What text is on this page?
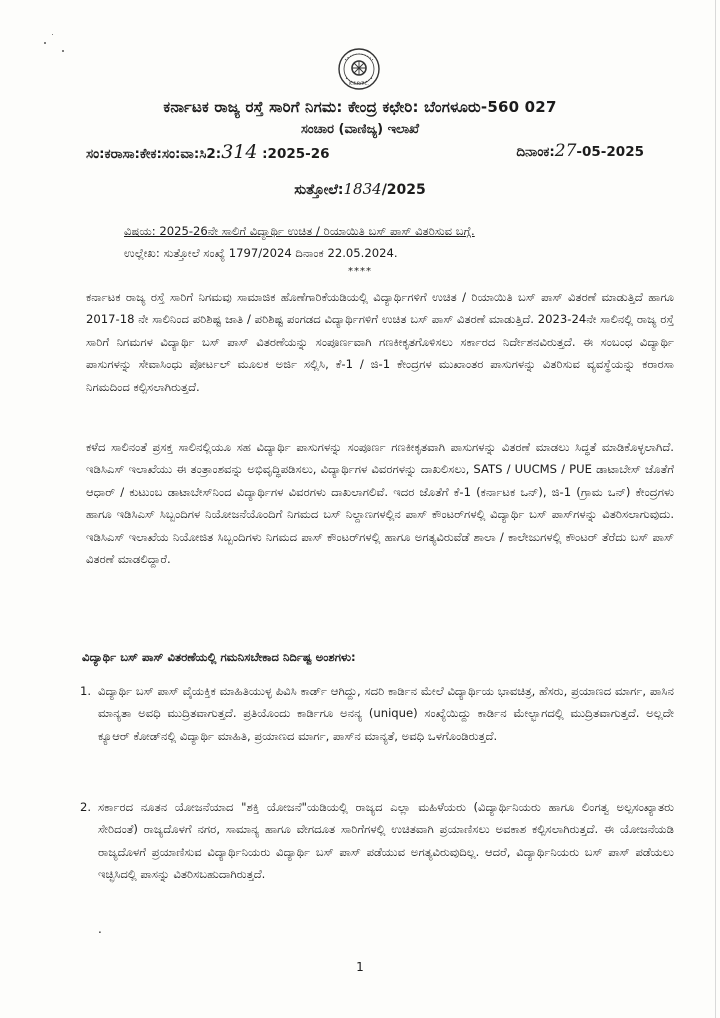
K.S.R.T.C.
ಕರ್ನಾಟಕ ರಾಜ್ಯ ರಸ್ತೆ ಸಾರಿಗೆ ನಿಗಮ: ಕೇಂದ್ರ ಕಛೇರಿ: ಬೆಂಗಳೂರು-560 027
ಸಂಚಾರ (ವಾಣಿಜ್ಯ) ಇಲಾಖೆ
ಸಂ:ಕರಾಸಾ:ಕೇಕ:ಸಂ:ವಾ:ಸಿ2:314 :2025-26	ದಿನಾಂಕ:27-05-2025
ಸುತ್ತೋಲೆ:1834/2025
ವಿಷಯ: 2025-26ನೇ ಸಾಲಿಗೆ ವಿದ್ಯಾರ್ಥಿ ಉಚಿತ / ರಿಯಾಯಿತಿ ಬಸ್ ಪಾಸ್ ವಿತರಿಸುವ ಬಗ್ಗೆ.
ಉಲ್ಲೇಖ: ಸುತ್ತೋಲೆ ಸಂಖ್ಯೆ 1797/2024 ದಿನಾಂಕ 22.05.2024.
****
ಕರ್ನಾಟಕ ರಾಜ್ಯ ರಸ್ತೆ ಸಾರಿಗೆ ನಿಗಮವು ಸಾಮಾಜಿಕ ಹೊಣೆಗಾರಿಕೆಯಡಿಯಲ್ಲಿ ವಿದ್ಯಾರ್ಥಿಗಳಿಗೆ ಉಚಿತ / ರಿಯಾಯಿತಿ ಬಸ್ ಪಾಸ್ ವಿತರಣೆ ಮಾಡುತ್ತಿದೆ ಹಾಗೂ 2017-18 ನೇ ಸಾಲಿನಿಂದ ಪರಿಶಿಷ್ಟ ಜಾತಿ / ಪರಿಶಿಷ್ಟ ಪಂಗಡದ ವಿದ್ಯಾರ್ಥಿಗಳಿಗೆ ಉಚಿತ ಬಸ್ ಪಾಸ್ ವಿತರಣೆ ಮಾಡುತ್ತಿದೆ. 2023-24ನೇ ಸಾಲಿನಲ್ಲಿ ರಾಜ್ಯ ರಸ್ತೆ ಸಾರಿಗೆ ನಿಗಮಗಳ ವಿದ್ಯಾರ್ಥಿ ಬಸ್ ಪಾಸ್ ವಿತರಣೆಯನ್ನು ಸಂಪೂರ್ಣವಾಗಿ ಗಣಕೀಕೃತಗೊಳಿಸಲು ಸರ್ಕಾರದ ನಿರ್ದೇಶನವಿರುತ್ತದೆ. ಈ ಸಂಬಂಧ ವಿದ್ಯಾರ್ಥಿ ಪಾಸುಗಳನ್ನು ಸೇವಾಸಿಂಧು ಪೋರ್ಟಲ್ ಮೂಲಕ ಅರ್ಜಿ ಸಲ್ಲಿಸಿ, ಕೆ-1 / ಜಿ-1 ಕೇಂದ್ರಗಳ ಮುಖಾಂತರ ಪಾಸುಗಳನ್ನು ವಿತರಿಸುವ ವ್ಯವಸ್ಥೆಯನ್ನು ಕರಾರಸಾ ನಿಗಮದಿಂದ ಕಲ್ಪಿಸಲಾಗಿರುತ್ತದೆ.
ಕಳೆದ ಸಾಲಿನಂತೆ ಪ್ರಸಕ್ತ ಸಾಲಿನಲ್ಲಿಯೂ ಸಹ ವಿದ್ಯಾರ್ಥಿ ಪಾಸುಗಳನ್ನು ಸಂಪೂರ್ಣ ಗಣಕೀಕೃತವಾಗಿ ಪಾಸುಗಳನ್ನು ವಿತರಣೆ ಮಾಡಲು ಸಿದ್ಧತೆ ಮಾಡಿಕೊಳ್ಳಲಾಗಿದೆ. ಇಡಿಸಿಎಸ್ ಇಲಾಖೆಯು ಈ ತಂತ್ರಾಂಶವನ್ನು ಅಭಿವೃದ್ಧಿಪಡಿಸಲು, ವಿದ್ಯಾರ್ಥಿಗಳ ವಿವರಗಳನ್ನು ದಾಖಲಿಸಲು, SATS / UUCMS / PUE ಡಾಟಾಬೇಸ್ ಜೊತೆಗೆ ಆಧಾರ್ / ಕುಟುಂಬ ಡಾಟಾಬೇಸ್‌ನಿಂದ ವಿದ್ಯಾರ್ಥಿಗಳ ವಿವರಗಳು ದಾಖಲಾಗಲಿವೆ. ಇದರ ಜೊತೆಗೆ ಕೆ-1 (ಕರ್ನಾಟಕ ಒನ್), ಜಿ-1 (ಗ್ರಾಮ ಒನ್) ಕೇಂದ್ರಗಳು ಹಾಗೂ ಇಡಿಸಿಎಸ್ ಸಿಬ್ಬಂದಿಗಳ ನಿಯೋಜನೆಯೊಂದಿಗೆ ನಿಗಮದ ಬಸ್ ನಿಲ್ದಾಣಗಳಲ್ಲಿನ ಪಾಸ್ ಕೌಂಟರ್‌ಗಳಲ್ಲಿ ವಿದ್ಯಾರ್ಥಿ ಬಸ್ ಪಾಸ್‌ಗಳನ್ನು ವಿತರಿಸಲಾಗುವುದು. ಇಡಿಸಿಎಸ್ ಇಲಾಖೆಯ ನಿಯೋಜಿತ ಸಿಬ್ಬಂದಿಗಳು ನಿಗಮದ ಪಾಸ್ ಕೌಂಟರ್‌ಗಳಲ್ಲಿ ಹಾಗೂ ಅಗತ್ಯವಿರುವೆಡೆ ಶಾಲಾ / ಕಾಲೇಜುಗಳಲ್ಲಿ ಕೌಂಟರ್ ತೆರೆದು ಬಸ್ ಪಾಸ್ ವಿತರಣೆ ಮಾಡಲಿದ್ದಾರೆ.
ವಿದ್ಯಾರ್ಥಿ ಬಸ್ ಪಾಸ್ ವಿತರಣೆಯಲ್ಲಿ ಗಮನಿಸಬೇಕಾದ ನಿರ್ದಿಷ್ಟ ಅಂಶಗಳು:
1. ವಿದ್ಯಾರ್ಥಿ ಬಸ್ ಪಾಸ್ ವೈಯಕ್ತಿಕ ಮಾಹಿತಿಯುಳ್ಳ ಪಿವಿಸಿ ಕಾರ್ಡ್ ಆಗಿದ್ದು, ಸದರಿ ಕಾರ್ಡಿನ ಮೇಲೆ ವಿದ್ಯಾರ್ಥಿಯ ಭಾವಚಿತ್ರ, ಹೆಸರು, ಪ್ರಯಾಣದ ಮಾರ್ಗ, ಪಾಸಿನ ಮಾನ್ಯತಾ ಅವಧಿ ಮುದ್ರಿತವಾಗುತ್ತದೆ. ಪ್ರತಿಯೊಂದು ಕಾರ್ಡಿಗೂ ಅನನ್ಯ (unique) ಸಂಖ್ಯೆಯಿದ್ದು ಕಾರ್ಡಿನ ಮೇಲ್ಭಾಗದಲ್ಲಿ ಮುದ್ರಿತವಾಗುತ್ತದೆ. ಅಲ್ಲದೇ ಕ್ಯೂಆರ್ ಕೋಡ್‌ನಲ್ಲಿ ವಿದ್ಯಾರ್ಥಿ ಮಾಹಿತಿ, ಪ್ರಯಾಣದ ಮಾರ್ಗ, ಪಾಸ್‌ನ ಮಾನ್ಯತೆ, ಅವಧಿ ಒಳಗೊಂಡಿರುತ್ತದೆ.
2. ಸರ್ಕಾರದ ನೂತನ ಯೋಜನೆಯಾದ "ಶಕ್ತಿ ಯೋಜನೆ"ಯಡಿಯಲ್ಲಿ ರಾಜ್ಯದ ಎಲ್ಲಾ ಮಹಿಳೆಯರು (ವಿದ್ಯಾರ್ಥಿನಿಯರು ಹಾಗೂ ಲಿಂಗತ್ವ ಅಲ್ಪಸಂಖ್ಯಾತರು ಸೇರಿದಂತೆ) ರಾಜ್ಯದೊಳಗೆ ನಗರ, ಸಾಮಾನ್ಯ ಹಾಗೂ ವೇಗದೂತ ಸಾರಿಗೆಗಳಲ್ಲಿ ಉಚಿತವಾಗಿ ಪ್ರಯಾಣಿಸಲು ಅವಕಾಶ ಕಲ್ಪಿಸಲಾಗಿರುತ್ತದೆ. ಈ ಯೋಜನೆಯಡಿ ರಾಜ್ಯದೊಳಗೆ ಪ್ರಯಾಣಿಸುವ ವಿದ್ಯಾರ್ಥಿನಿಯರು ವಿದ್ಯಾರ್ಥಿ ಬಸ್ ಪಾಸ್ ಪಡೆಯುವ ಅಗತ್ಯವಿರುವುದಿಲ್ಲ. ಆದರೆ, ವಿದ್ಯಾರ್ಥಿನಿಯರು ಬಸ್ ಪಾಸ್ ಪಡೆಯಲು ಇಚ್ಛಿಸಿದಲ್ಲಿ ಪಾಸನ್ನು ವಿತರಿಸಬಹುದಾಗಿರುತ್ತದೆ.
.
1
